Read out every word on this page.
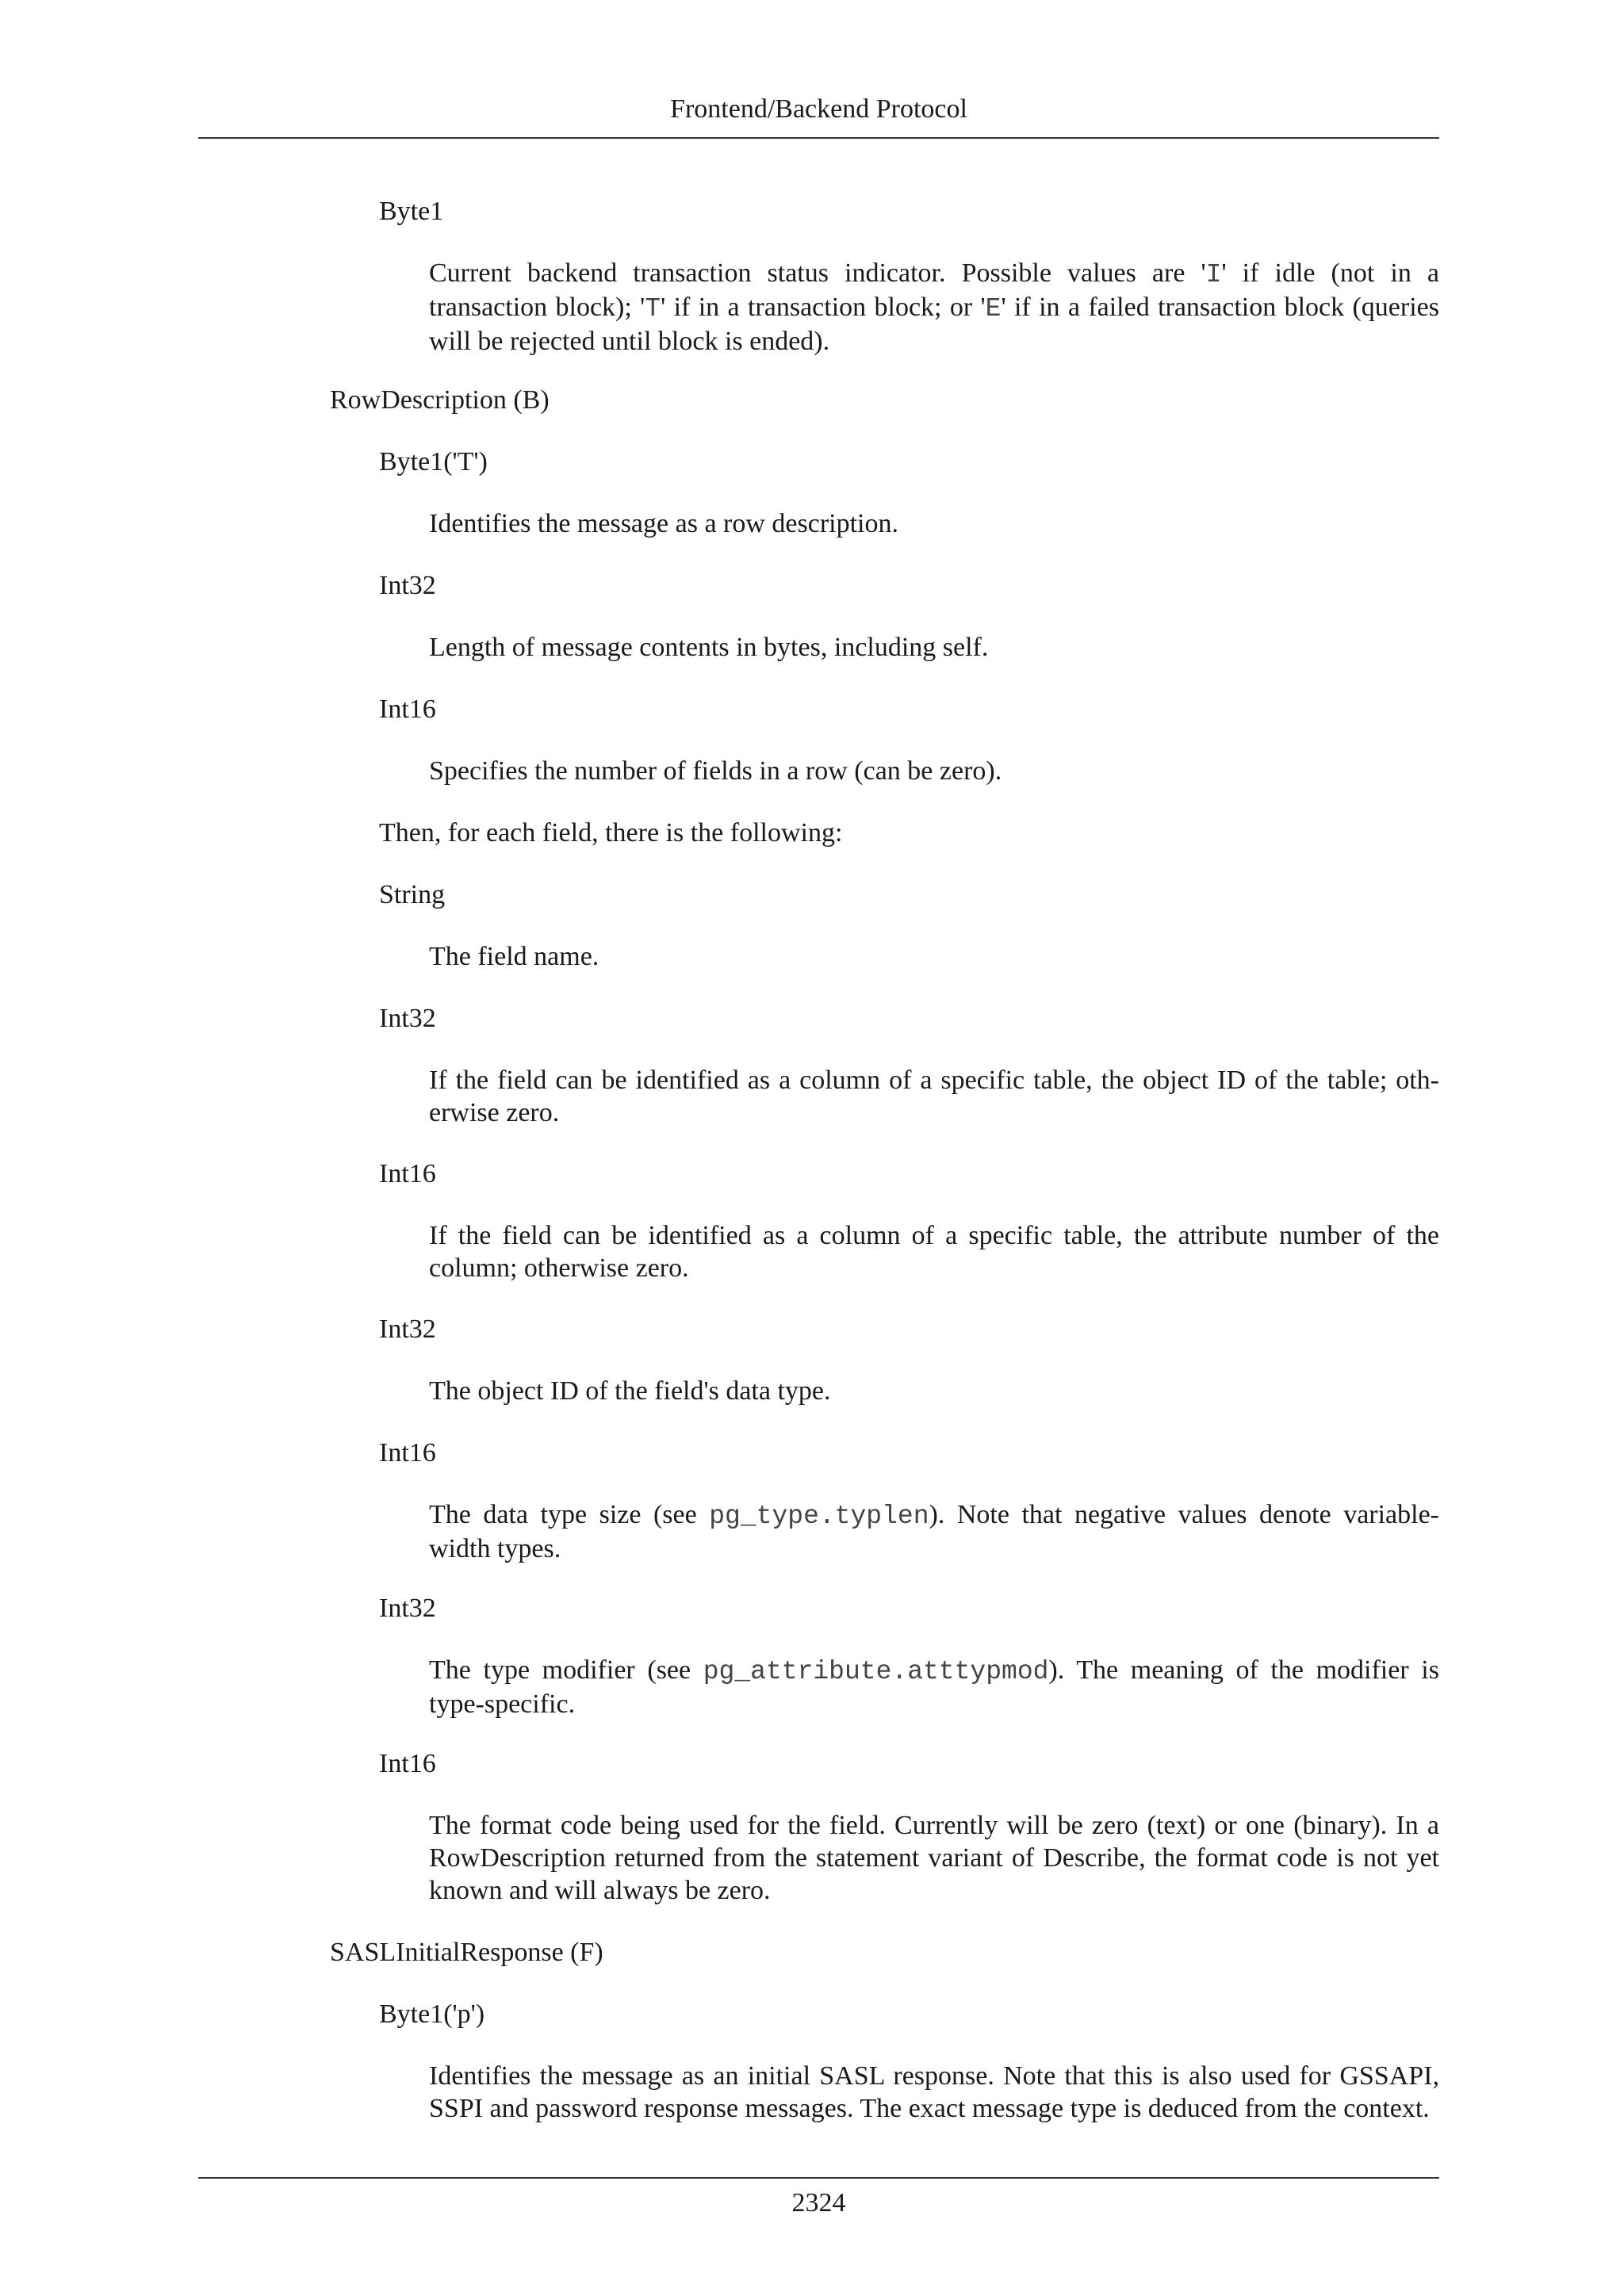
Frontend/Backend Protocol
Byte1
Current backend transaction status indicator. Possible values are 'I' if idle (not in a transaction block); 'T' if in a transaction block; or 'E' if in a failed transaction block (queries will be rejected until block is ended).
RowDescription (B)
Byte1('T')
Identifies the message as a row description.
Int32
Length of message contents in bytes, including self.
Int16
Specifies the number of fields in a row (can be zero).
Then, for each field, there is the following:
String
The field name.
Int32
If the field can be identified as a column of a specific table, the object ID of the table; otherwise zero.
Int16
If the field can be identified as a column of a specific table, the attribute number of the column; otherwise zero.
Int32
The object ID of the field's data type.
Int16
The data type size (see pg_type.typlen). Note that negative values denote variable-width types.
Int32
The type modifier (see pg_attribute.atttypmod). The meaning of the modifier is type-specific.
Int16
The format code being used for the field. Currently will be zero (text) or one (binary). In a RowDescription returned from the statement variant of Describe, the format code is not yet known and will always be zero.
SASLInitialResponse (F)
Byte1('p')
Identifies the message as an initial SASL response. Note that this is also used for GSSAPI, SSPI and password response messages. The exact message type is deduced from the context.
2324
